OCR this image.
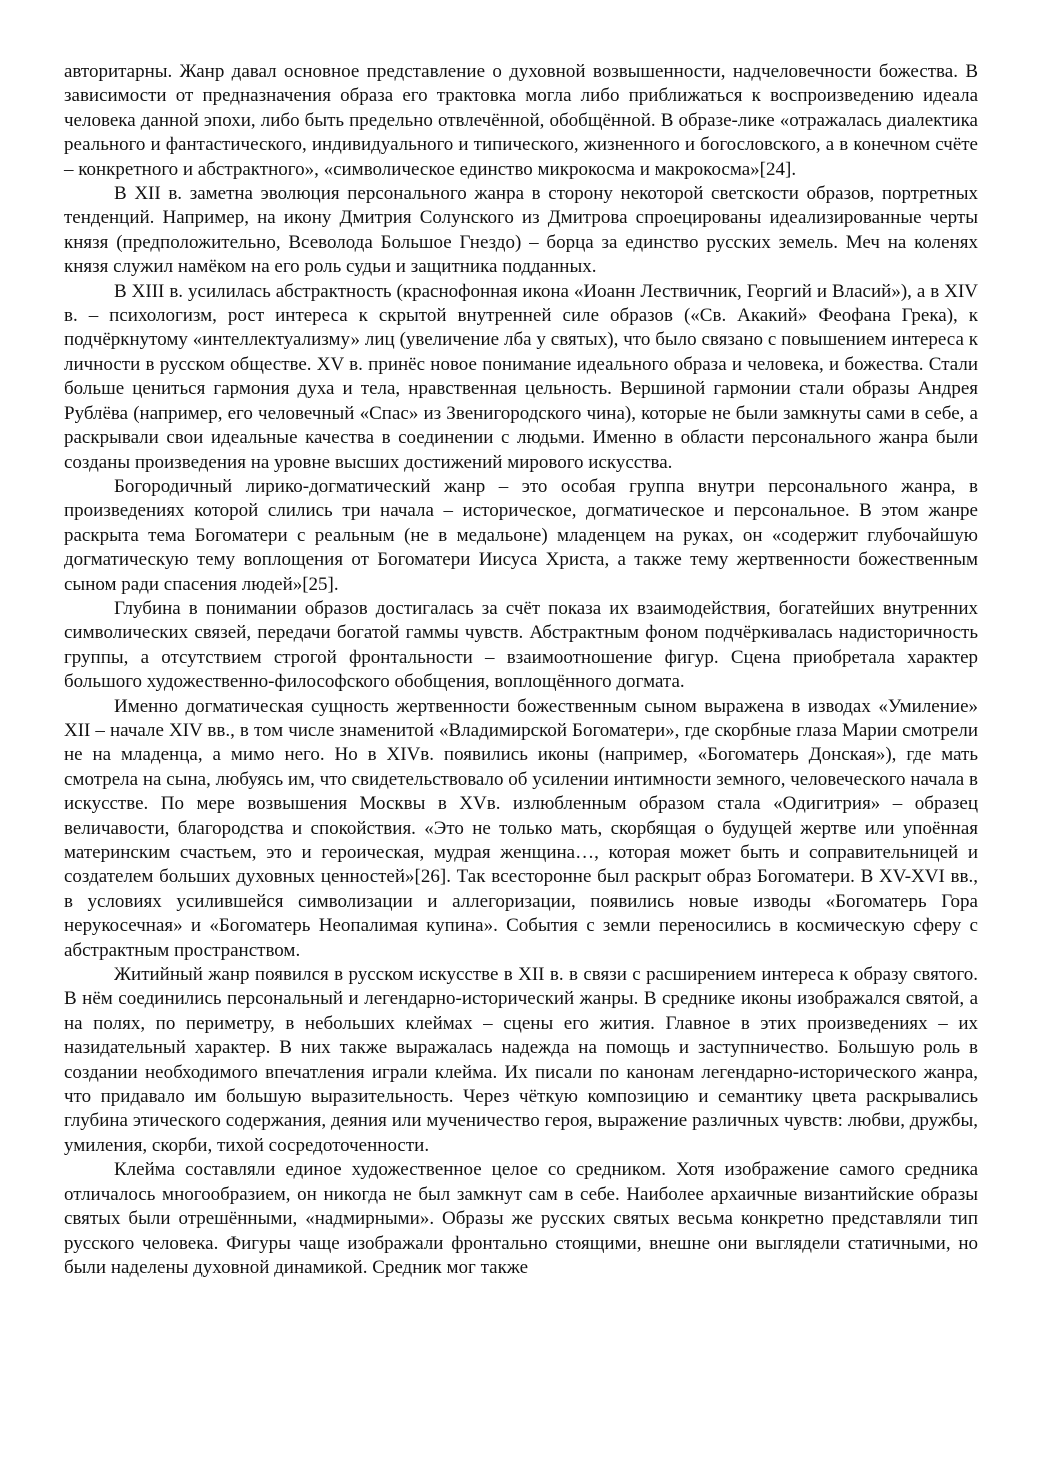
авторитарны. Жанр давал основное представление о духовной возвышенности, надчеловечности божества. В зависимости от предназначения образа его трактовка могла либо приближаться к воспроизведению идеала человека данной эпохи, либо быть предельно отвлечённой, обобщённой. В образе-лике «отражалась диалектика реального и фантастического, индивидуального и типического, жизненного и богословского, а в конечном счёте – конкретного и абстрактного», «символическое единство микрокосма и макрокосма»[24].

В XII в. заметна эволюция персонального жанра в сторону некоторой светскости образов, портретных тенденций. Например, на икону Дмитрия Солунского из Дмитрова спроецированы идеализированные черты князя (предположительно, Всеволода Большое Гнездо) – борца за единство русских земель. Меч на коленях князя служил намёком на его роль судьи и защитника подданных.

В XIII в. усилилась абстрактность (краснофонная икона «Иоанн Лествичник, Георгий и Власий»), а в XIV в. – психологизм, рост интереса к скрытой внутренней силе образов («Св. Акакий» Феофана Грека), к подчёркнутому «интеллектуализму» лиц (увеличение лба у святых), что было связано с повышением интереса к личности в русском обществе. XV в. принёс новое понимание идеального образа и человека, и божества. Стали больше цениться гармония духа и тела, нравственная цельность. Вершиной гармонии стали образы Андрея Рублёва (например, его человечный «Спас» из Звенигородского чина), которые не были замкнуты сами в себе, а раскрывали свои идеальные качества в соединении с людьми. Именно в области персонального жанра были созданы произведения на уровне высших достижений мирового искусства.

Богородичный лирико-догматический жанр – это особая группа внутри персонального жанра, в произведениях которой слились три начала – историческое, догматическое и персональное. В этом жанре раскрыта тема Богоматери с реальным (не в медальоне) младенцем на руках, он «содержит глубочайшую догматическую тему воплощения от Богоматери Иисуса Христа, а также тему жертвенности божественным сыном ради спасения людей»[25].

Глубина в понимании образов достигалась за счёт показа их взаимодействия, богатейших внутренних символических связей, передачи богатой гаммы чувств. Абстрактным фоном подчёркивалась надисторичность группы, а отсутствием строгой фронтальности – взаимоотношение фигур. Сцена приобретала характер большого художественно-философского обобщения, воплощённого догмата.

Именно догматическая сущность жертвенности божественным сыном выражена в изводах «Умиление» XII – начале XIV вв., в том числе знаменитой «Владимирской Богоматери», где скорбные глаза Марии смотрели не на младенца, а мимо него. Но в XIVв. появились иконы (например, «Богоматерь Донская»), где мать смотрела на сына, любуясь им, что свидетельствовало об усилении интимности земного, человеческого начала в искусстве. По мере возвышения Москвы в XVв. излюбленным образом стала «Одигитрия» – образец величавости, благородства и спокойствия. «Это не только мать, скорбящая о будущей жертве или упоённая материнским счастьем, это и героическая, мудрая женщина…, которая может быть и соправительницей и создателем больших духовных ценностей»[26]. Так всесторонне был раскрыт образ Богоматери. В XV-XVI вв., в условиях усилившейся символизации и аллегоризации, появились новые изводы «Богоматерь Гора нерукосечная» и «Богоматерь Неопалимая купина». События с земли переносились в космическую сферу с абстрактным пространством.

Житийный жанр появился в русском искусстве в XII в. в связи с расширением интереса к образу святого. В нём соединились персональный и легендарно-исторический жанры. В среднике иконы изображался святой, а на полях, по периметру, в небольших клеймах – сцены его жития. Главное в этих произведениях – их назидательный характер. В них также выражалась надежда на помощь и заступничество. Большую роль в создании необходимого впечатления играли клейма. Их писали по канонам легендарно-исторического жанра, что придавало им большую выразительность. Через чёткую композицию и семантику цвета раскрывались глубина этического содержания, деяния или мученичество героя, выражение различных чувств: любви, дружбы, умиления, скорби, тихой сосредоточенности.

Клейма составляли единое художественное целое со средником. Хотя изображение самого средника отличалось многообразием, он никогда не был замкнут сам в себе. Наиболее архаичные византийские образы святых были отрешёнными, «надмирными». Образы же русских святых весьма конкретно представляли тип русского человека. Фигуры чаще изображали фронтально стоящими, внешне они выглядели статичными, но были наделены духовной динамикой. Средник мог также
